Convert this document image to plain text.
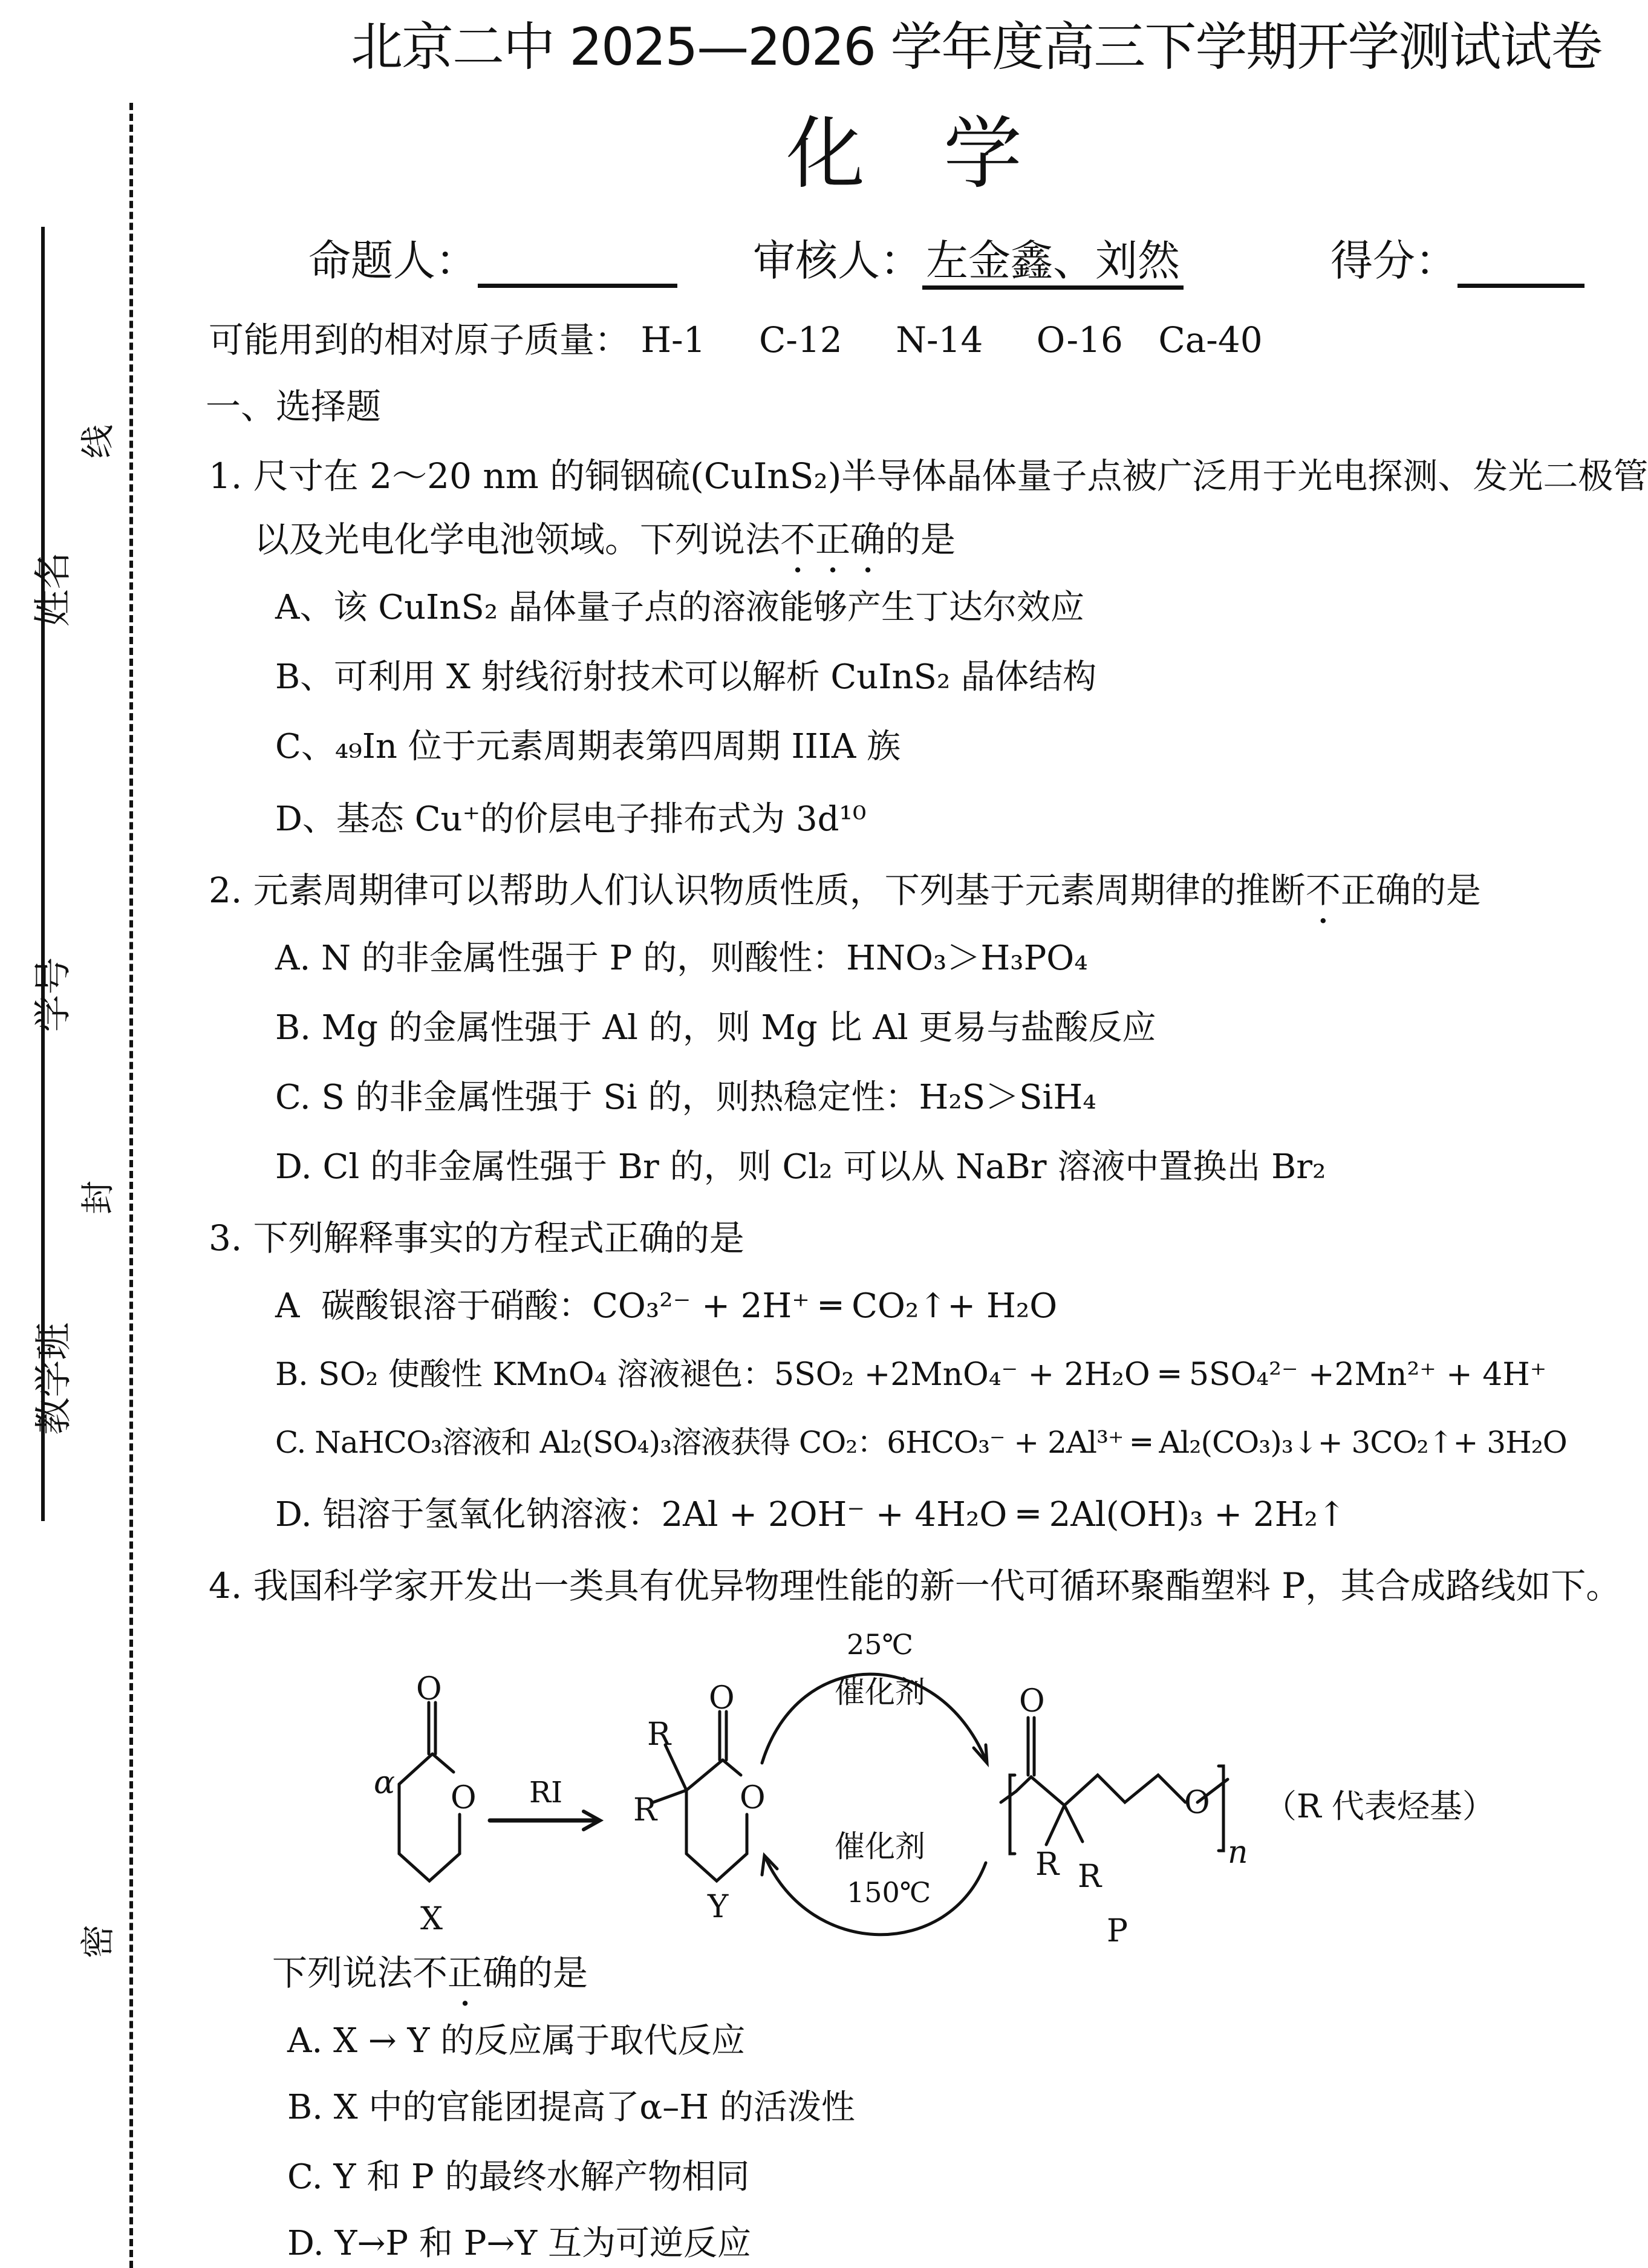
姓名
学号
教学班
线
封
密
北京二中 2025—2026 学年度高三下学期开学测试试卷
化学
命题人：	审核人：左金鑫、刘然	得分：
可能用到的相对原子质量： H-1 C-12 N-14 O-16 Ca-40
一、选择题
1. 尺寸在 2～20 nm 的铜铟硫(CuInS₂)半导体晶体量子点被广泛用于光电探测、发光二极管
以及光电化学电池领域。下列说法不正确的是
A、该 CuInS₂ 晶体量子点的溶液能够产生丁达尔效应
B、可利用 X 射线衍射技术可以解析 CuInS₂ 晶体结构
C、₄₉In 位于元素周期表第四周期 IIIA 族
D、基态 Cu⁺的价层电子排布式为 3d¹⁰
2. 元素周期律可以帮助人们认识物质性质，下列基于元素周期律的推断不正确的是
A. N 的非金属性强于 P 的，则酸性：HNO₃＞H₃PO₄
B. Mg 的金属性强于 Al 的，则 Mg 比 Al 更易与盐酸反应
C. S 的非金属性强于 Si 的，则热稳定性：H₂S＞SiH₄
D. Cl 的非金属性强于 Br 的，则 Cl₂ 可以从 NaBr 溶液中置换出 Br₂
3. 下列解释事实的方程式正确的是
A 碳酸银溶于硝酸：CO₃²⁻ + 2H⁺ ═ CO₂↑+ H₂O
B. SO₂ 使酸性 KMnO₄ 溶液褪色：5SO₂ +2MnO₄⁻ + 2H₂O ═ 5SO₄²⁻ +2Mn²⁺ + 4H⁺
C. NaHCO₃溶液和 Al₂(SO₄)₃溶液获得 CO₂：6HCO₃⁻ + 2Al³⁺ ═ Al₂(CO₃)₃↓+ 3CO₂↑+ 3H₂O
D. 铝溶于氢氧化钠溶液：2Al + 2OH⁻ + 4H₂O ═ 2Al(OH)₃ + 2H₂↑
4. 我国科学家开发出一类具有优异物理性能的新一代可循环聚酯塑料 P，其合成路线如下。
O
O
α
X
RI
O
O
R
R
Y
25℃
催化剂
催化剂
150℃
O
O
R R
P
n
（R 代表烃基）
下列说法不正确的是
A. X → Y 的反应属于取代反应
B. X 中的官能团提高了α–H 的活泼性
C. Y 和 P 的最终水解产物相同
D. Y→P 和 P→Y 互为可逆反应
